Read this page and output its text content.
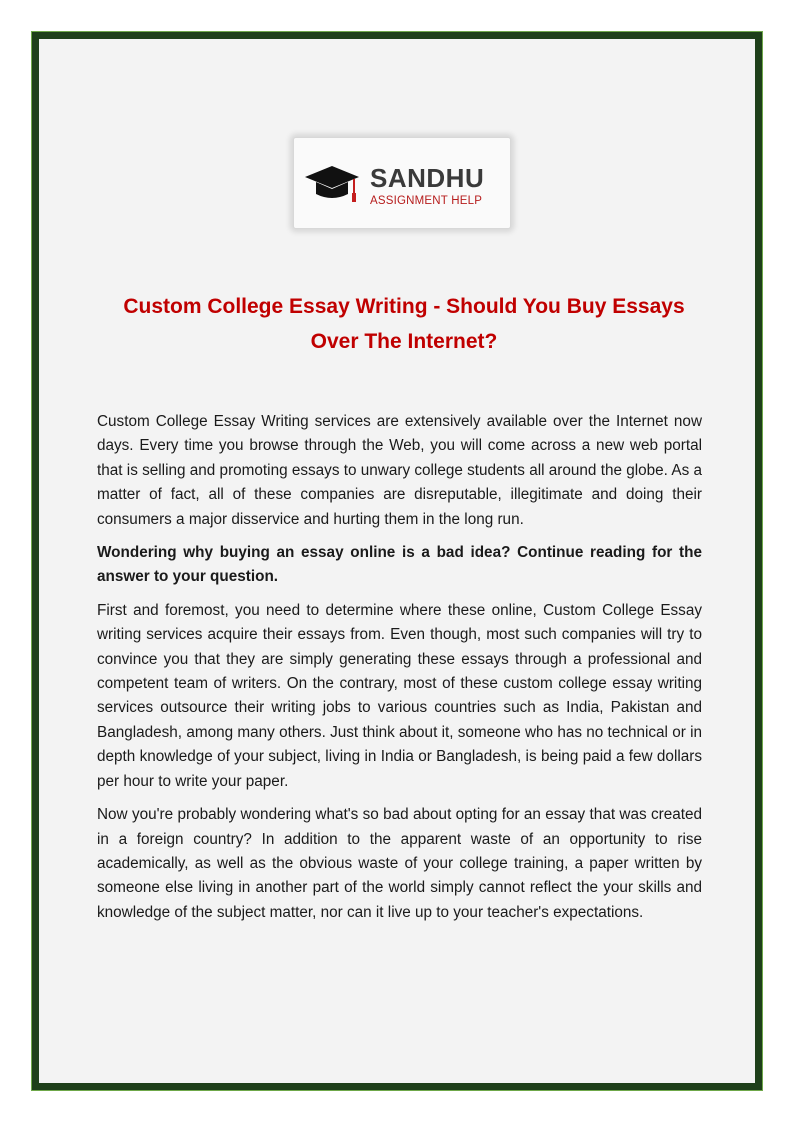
SANDHU
ASSIGNMENT HELP
Custom College Essay Writing - Should You Buy Essays Over The Internet?

Custom College Essay Writing services are extensively available over the Internet now days. Every time you browse through the Web, you will come across a new web portal that is selling and promoting essays to unwary college students all around the globe. As a matter of fact, all of these companies are disreputable, illegitimate and doing their consumers a major disservice and hurting them in the long run.

Wondering why buying an essay online is a bad idea? Continue reading for the answer to your question.

First and foremost, you need to determine where these online, Custom College Essay writing services acquire their essays from. Even though, most such companies will try to convince you that they are simply generating these essays through a professional and competent team of writers. On the contrary, most of these custom college essay writing services outsource their writing jobs to various countries such as India, Pakistan and Bangladesh, among many others. Just think about it, someone who has no technical or in depth knowledge of your subject, living in India or Bangladesh, is being paid a few dollars per hour to write your paper.

Now you're probably wondering what's so bad about opting for an essay that was created in a foreign country? In addition to the apparent waste of an opportunity to rise academically, as well as the obvious waste of your college training, a paper written by someone else living in another part of the world simply cannot reflect the your skills and knowledge of the subject matter, nor can it live up to your teacher's expectations.
